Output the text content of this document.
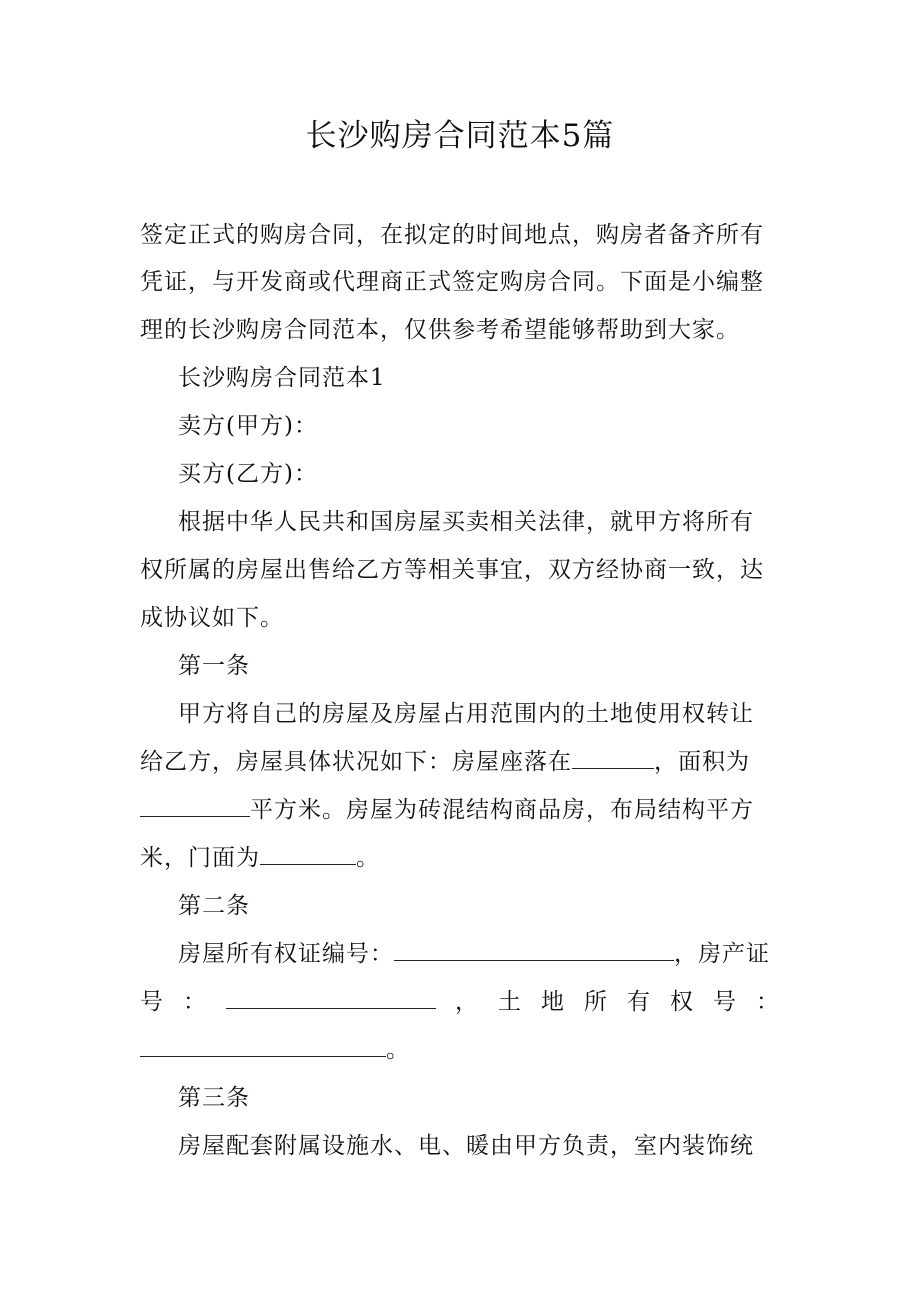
长沙购房合同范本5篇
签定正式的购房合同，在拟定的时间地点，购房者备齐所有
凭证，与开发商或代理商正式签定购房合同。下面是小编整
理的长沙购房合同范本，仅供参考希望能够帮助到大家。
长沙购房合同范本1
卖方(甲方)：
买方(乙方)：
根据中华人民共和国房屋买卖相关法律，就甲方将所有
权所属的房屋出售给乙方等相关事宜，双方经协商一致，达
成协议如下。
第一条
甲方将自己的房屋及房屋占用范围内的土地使用权转让
给乙方，房屋具体状况如下：房屋座落在	，面积为
平方米。房屋为砖混结构商品房，布局结构平方
米，门面为	。
第二条
房屋所有权证编号：	，房产证
号 ：	， 土 地 所 有 权 号 ：
。
第三条
房屋配套附属设施水、电、暖由甲方负责，室内装饰统
